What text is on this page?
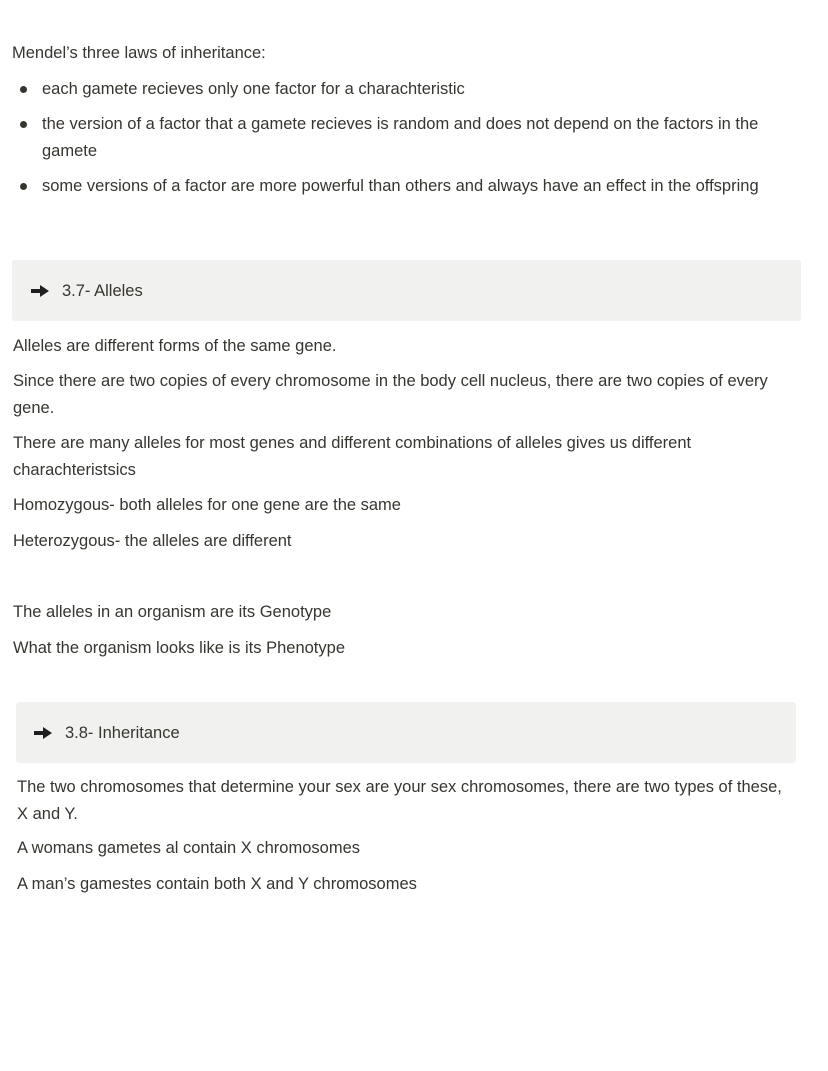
Mendel’s three laws of inheritance:
each gamete recieves only one factor for a charachteristic
the version of a factor that a gamete recieves is random and does not depend on the factors in the gamete
some versions of a factor are more powerful than others and always have an effect in the offspring
3.7- Alleles
Alleles are different forms of the same gene.
Since there are two copies of every chromosome in the body cell nucleus, there are two copies of every gene.
There are many alleles for most genes and different combinations of alleles gives us different charachteristsics
Homozygous- both alleles for one gene are the same
Heterozygous- the alleles are different
The alleles in an organism are its Genotype
What the organism looks like is its Phenotype
3.8- Inheritance
The two chromosomes that determine your sex are your sex chromosomes, there are two types of these, X and Y.
A womans gametes al contain X chromosomes
A man’s gamestes contain both X and Y chromosomes
